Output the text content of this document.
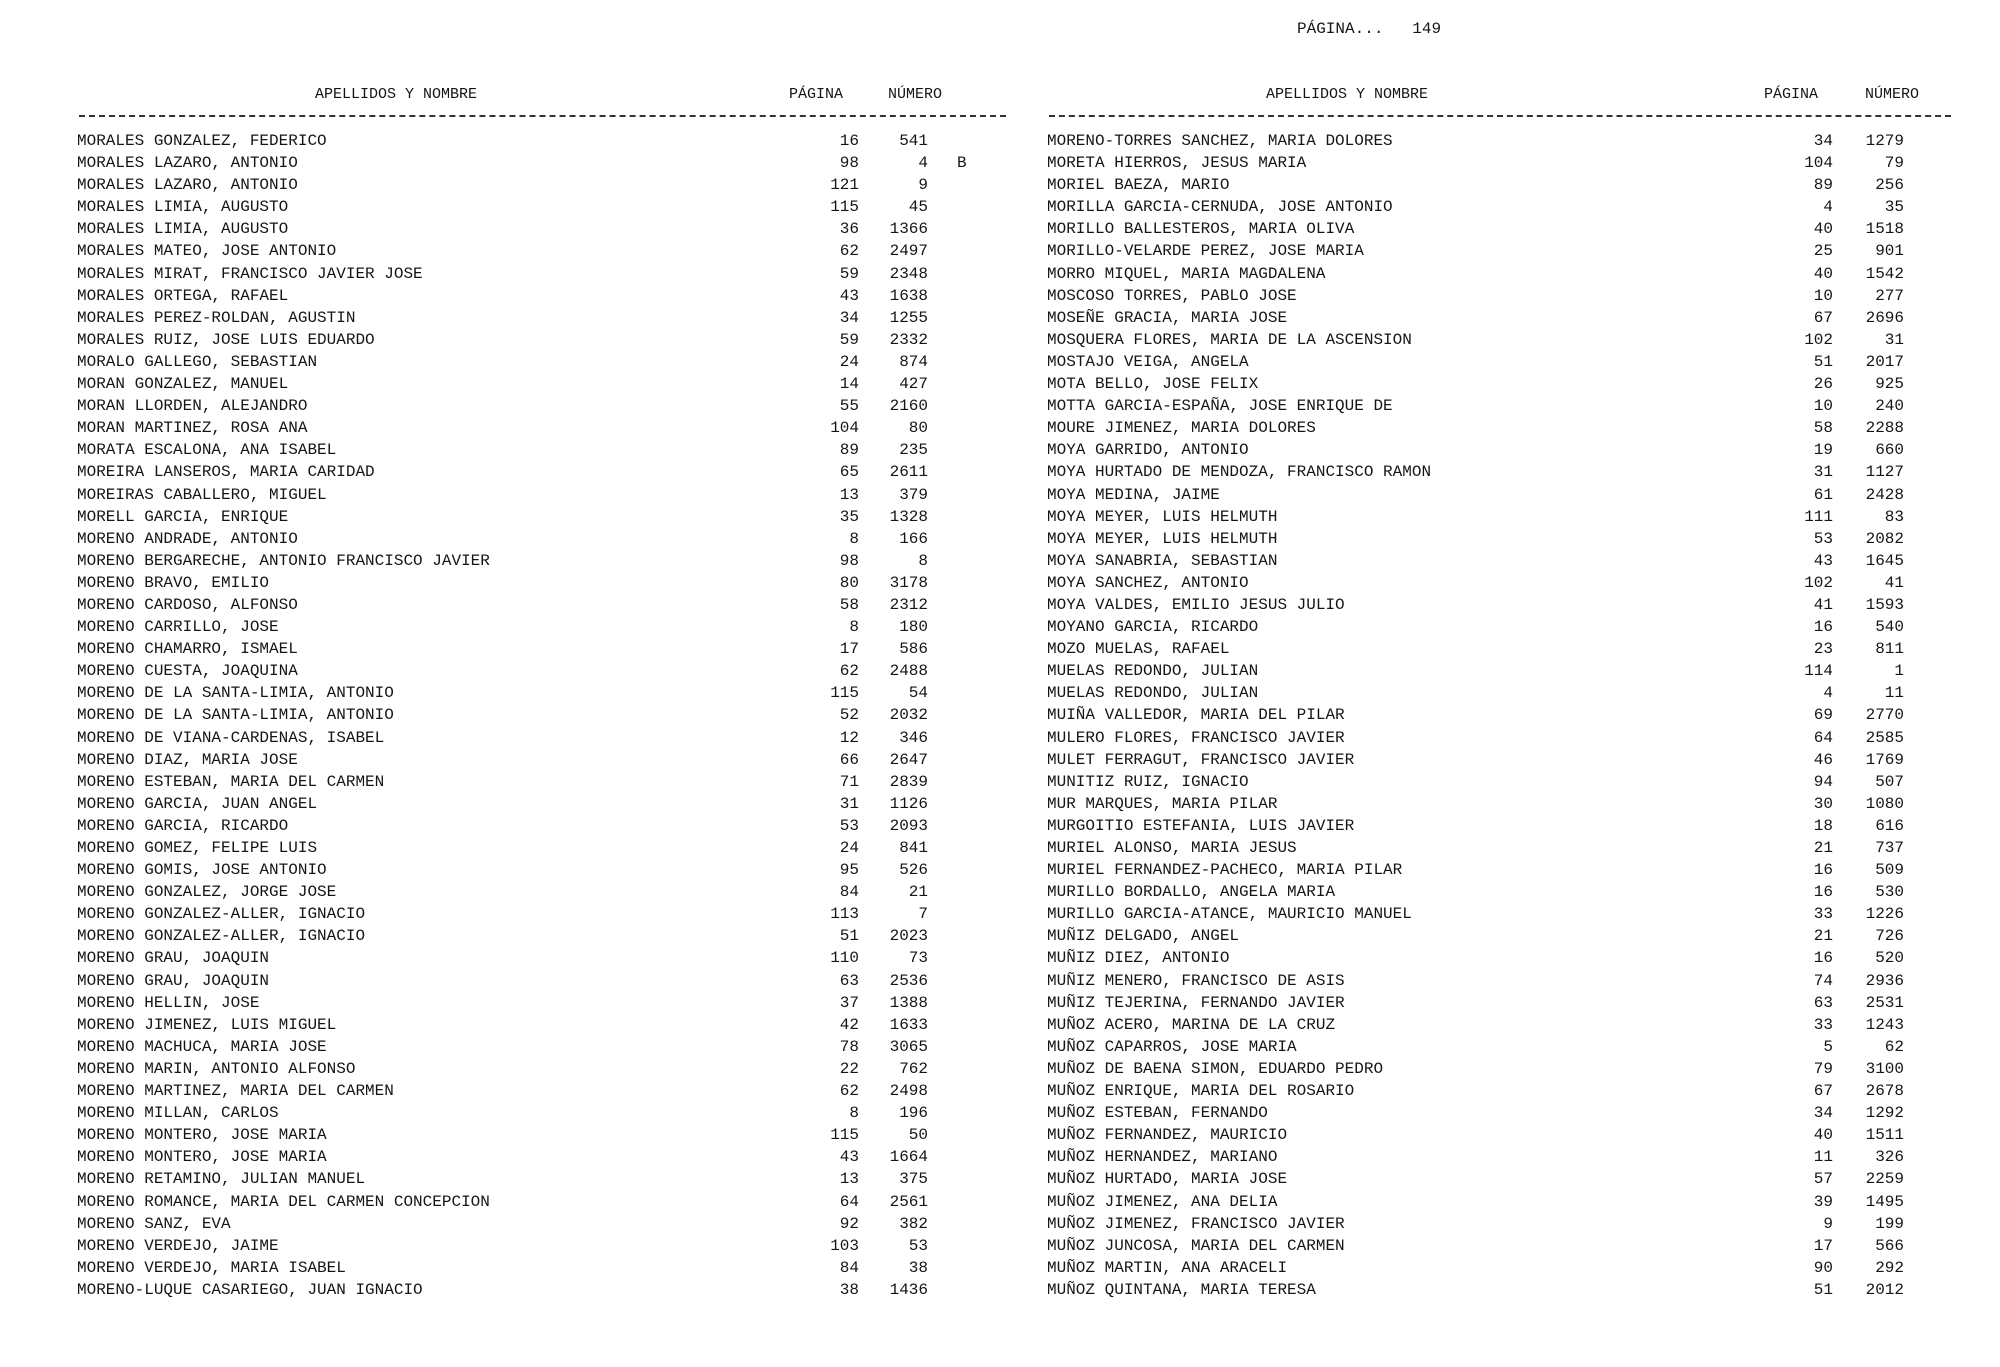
PÁGINA... 149
APELLIDOS Y NOMBRE	PÁGINA	NÚMERO	APELLIDOS Y NOMBRE	PÁGINA	NÚMERO
MORALES GONZALEZ, FEDERICO	16	541
MORALES LAZARO, ANTONIO	98	4 B
MORALES LAZARO, ANTONIO	121	9
MORALES LIMIA, AUGUSTO	115	45
MORALES LIMIA, AUGUSTO	36	1366
MORALES MATEO, JOSE ANTONIO	62	2497
MORALES MIRAT, FRANCISCO JAVIER JOSE	59	2348
MORALES ORTEGA, RAFAEL	43	1638
MORALES PEREZ-ROLDAN, AGUSTIN	34	1255
MORALES RUIZ, JOSE LUIS EDUARDO	59	2332
MORALO GALLEGO, SEBASTIAN	24	874
MORAN GONZALEZ, MANUEL	14	427
MORAN LLORDEN, ALEJANDRO	55	2160
MORAN MARTINEZ, ROSA ANA	104	80
MORATA ESCALONA, ANA ISABEL	89	235
MOREIRA LANSEROS, MARIA CARIDAD	65	2611
MOREIRAS CABALLERO, MIGUEL	13	379
MORELL GARCIA, ENRIQUE	35	1328
MORENO ANDRADE, ANTONIO	8	166
MORENO BERGARECHE, ANTONIO FRANCISCO JAVIER	98	8
MORENO BRAVO, EMILIO	80	3178
MORENO CARDOSO, ALFONSO	58	2312
MORENO CARRILLO, JOSE	8	180
MORENO CHAMARRO, ISMAEL	17	586
MORENO CUESTA, JOAQUINA	62	2488
MORENO DE LA SANTA-LIMIA, ANTONIO	115	54
MORENO DE LA SANTA-LIMIA, ANTONIO	52	2032
MORENO DE VIANA-CARDENAS, ISABEL	12	346
MORENO DIAZ, MARIA JOSE	66	2647
MORENO ESTEBAN, MARIA DEL CARMEN	71	2839
MORENO GARCIA, JUAN ANGEL	31	1126
MORENO GARCIA, RICARDO	53	2093
MORENO GOMEZ, FELIPE LUIS	24	841
MORENO GOMIS, JOSE ANTONIO	95	526
MORENO GONZALEZ, JORGE JOSE	84	21
MORENO GONZALEZ-ALLER, IGNACIO	113	7
MORENO GONZALEZ-ALLER, IGNACIO	51	2023
MORENO GRAU, JOAQUIN	110	73
MORENO GRAU, JOAQUIN	63	2536
MORENO HELLIN, JOSE	37	1388
MORENO JIMENEZ, LUIS MIGUEL	42	1633
MORENO MACHUCA, MARIA JOSE	78	3065
MORENO MARIN, ANTONIO ALFONSO	22	762
MORENO MARTINEZ, MARIA DEL CARMEN	62	2498
MORENO MILLAN, CARLOS	8	196
MORENO MONTERO, JOSE MARIA	115	50
MORENO MONTERO, JOSE MARIA	43	1664
MORENO RETAMINO, JULIAN MANUEL	13	375
MORENO ROMANCE, MARIA DEL CARMEN CONCEPCION	64	2561
MORENO SANZ, EVA	92	382
MORENO VERDEJO, JAIME	103	53
MORENO VERDEJO, MARIA ISABEL	84	38
MORENO-LUQUE CASARIEGO, JUAN IGNACIO	38	1436
MORENO-TORRES SANCHEZ, MARIA DOLORES	34	1279
MORETA HIERROS, JESUS MARIA	104	79
MORIEL BAEZA, MARIO	89	256
MORILLA GARCIA-CERNUDA, JOSE ANTONIO	4	35
MORILLO BALLESTEROS, MARIA OLIVA	40	1518
MORILLO-VELARDE PEREZ, JOSE MARIA	25	901
MORRO MIQUEL, MARIA MAGDALENA	40	1542
MOSCOSO TORRES, PABLO JOSE	10	277
MOSEÑE GRACIA, MARIA JOSE	67	2696
MOSQUERA FLORES, MARIA DE LA ASCENSION	102	31
MOSTAJO VEIGA, ANGELA	51	2017
MOTA BELLO, JOSE FELIX	26	925
MOTTA GARCIA-ESPAÑA, JOSE ENRIQUE DE	10	240
MOURE JIMENEZ, MARIA DOLORES	58	2288
MOYA GARRIDO, ANTONIO	19	660
MOYA HURTADO DE MENDOZA, FRANCISCO RAMON	31	1127
MOYA MEDINA, JAIME	61	2428
MOYA MEYER, LUIS HELMUTH	111	83
MOYA MEYER, LUIS HELMUTH	53	2082
MOYA SANABRIA, SEBASTIAN	43	1645
MOYA SANCHEZ, ANTONIO	102	41
MOYA VALDES, EMILIO JESUS JULIO	41	1593
MOYANO GARCIA, RICARDO	16	540
MOZO MUELAS, RAFAEL	23	811
MUELAS REDONDO, JULIAN	114	1
MUELAS REDONDO, JULIAN	4	11
MUIÑA VALLEDOR, MARIA DEL PILAR	69	2770
MULERO FLORES, FRANCISCO JAVIER	64	2585
MULET FERRAGUT, FRANCISCO JAVIER	46	1769
MUNITIZ RUIZ, IGNACIO	94	507
MUR MARQUES, MARIA PILAR	30	1080
MURGOITIO ESTEFANIA, LUIS JAVIER	18	616
MURIEL ALONSO, MARIA JESUS	21	737
MURIEL FERNANDEZ-PACHECO, MARIA PILAR	16	509
MURILLO BORDALLO, ANGELA MARIA	16	530
MURILLO GARCIA-ATANCE, MAURICIO MANUEL	33	1226
MUÑIZ DELGADO, ANGEL	21	726
MUÑIZ DIEZ, ANTONIO	16	520
MUÑIZ MENERO, FRANCISCO DE ASIS	74	2936
MUÑIZ TEJERINA, FERNANDO JAVIER	63	2531
MUÑOZ ACERO, MARINA DE LA CRUZ	33	1243
MUÑOZ CAPARROS, JOSE MARIA	5	62
MUÑOZ DE BAENA SIMON, EDUARDO PEDRO	79	3100
MUÑOZ ENRIQUE, MARIA DEL ROSARIO	67	2678
MUÑOZ ESTEBAN, FERNANDO	34	1292
MUÑOZ FERNANDEZ, MAURICIO	40	1511
MUÑOZ HERNANDEZ, MARIANO	11	326
MUÑOZ HURTADO, MARIA JOSE	57	2259
MUÑOZ JIMENEZ, ANA DELIA	39	1495
MUÑOZ JIMENEZ, FRANCISCO JAVIER	9	199
MUÑOZ JUNCOSA, MARIA DEL CARMEN	17	566
MUÑOZ MARTIN, ANA ARACELI	90	292
MUÑOZ QUINTANA, MARIA TERESA	51	2012
